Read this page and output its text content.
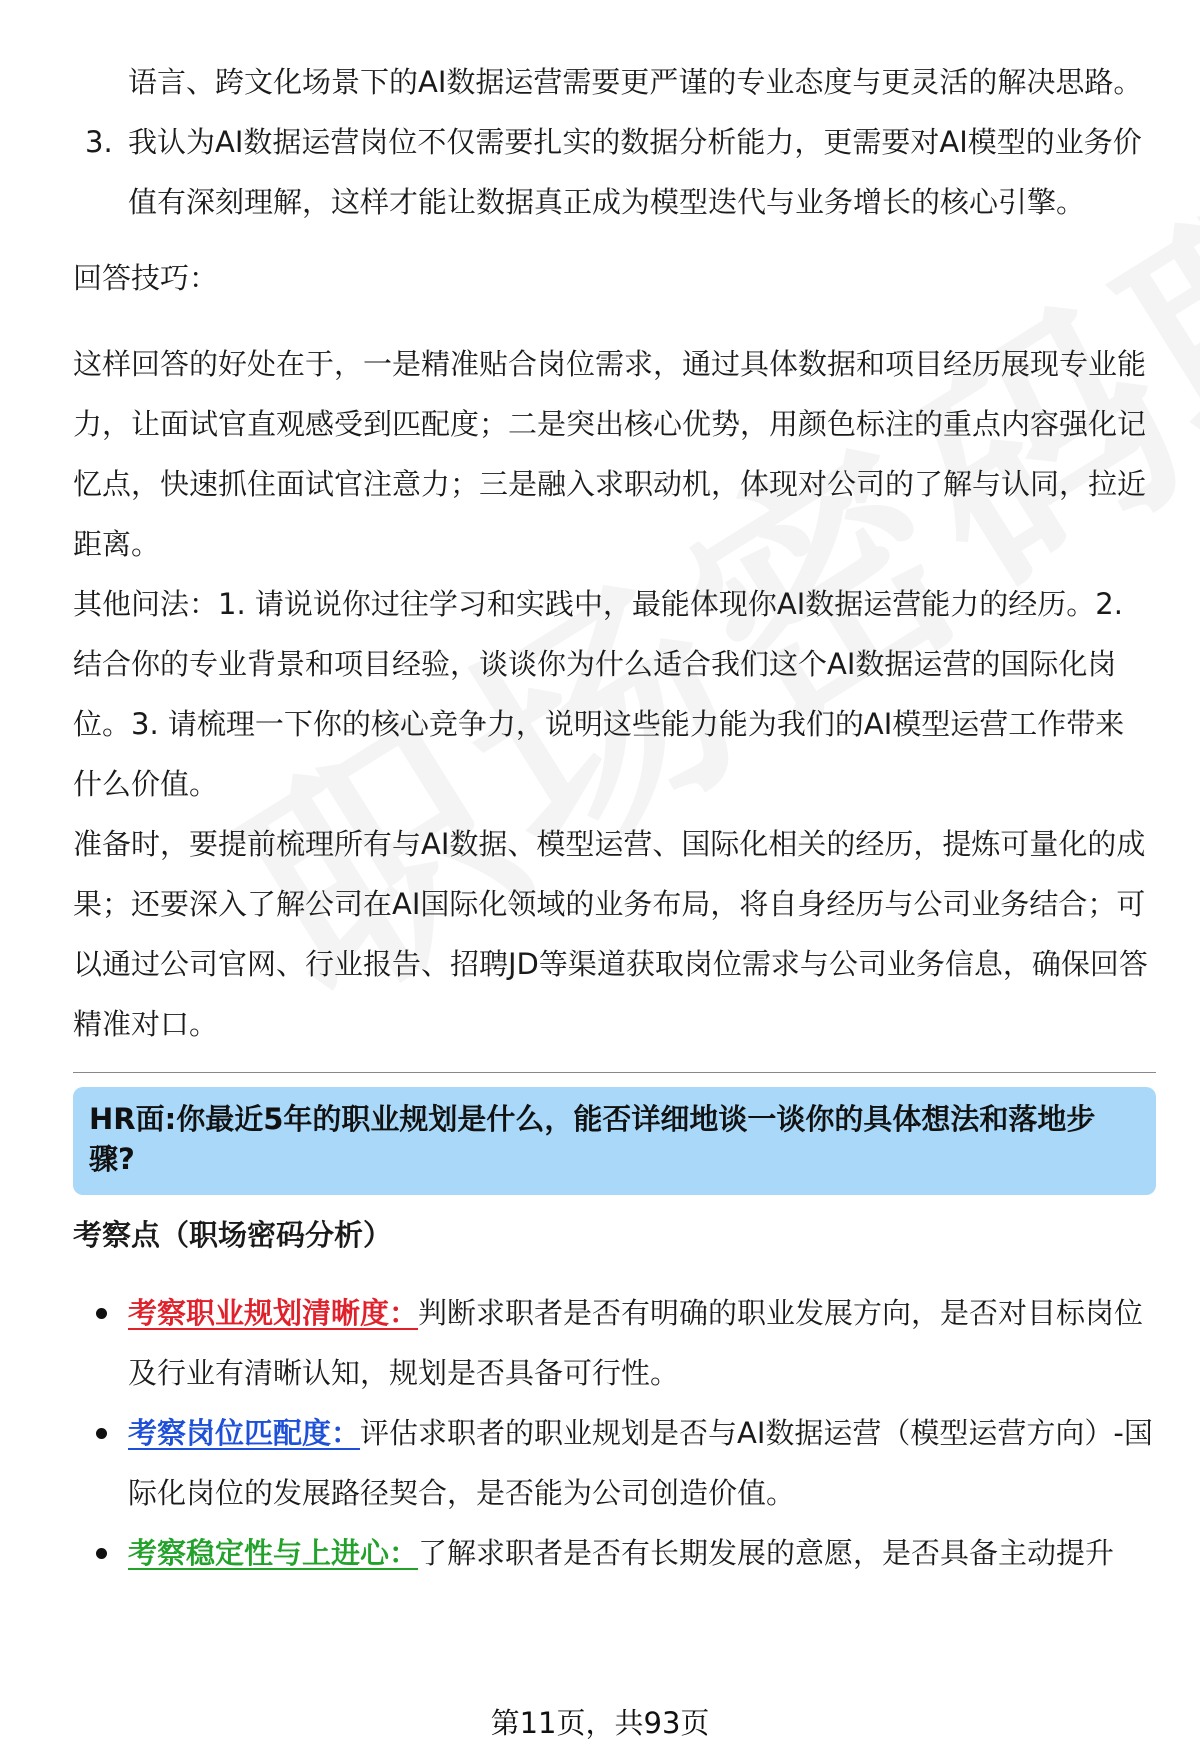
语言、跨文化场景下的AI数据运营需要更严谨的专业态度与更灵活的解决思路。

3. 我认为AI数据运营岗位不仅需要扎实的数据分析能力，更需要对AI模型的业务价值有深刻理解，这样才能让数据真正成为模型迭代与业务增长的核心引擎。

回答技巧：

这样回答的好处在于，一是精准贴合岗位需求，通过具体数据和项目经历展现专业能力，让面试官直观感受到匹配度；二是突出核心优势，用颜色标注的重点内容强化记忆点，快速抓住面试官注意力；三是融入求职动机，体现对公司的了解与认同，拉近距离。

其他问法：1. 请说说你过往学习和实践中，最能体现你AI数据运营能力的经历。2. 结合你的专业背景和项目经验，谈谈你为什么适合我们这个AI数据运营的国际化岗位。3. 请梳理一下你的核心竞争力，说明这些能力能为我们的AI模型运营工作带来什么价值。

准备时，要提前梳理所有与AI数据、模型运营、国际化相关的经历，提炼可量化的成果；还要深入了解公司在AI国际化领域的业务布局，将自身经历与公司业务结合；可以通过公司官网、行业报告、招聘JD等渠道获取岗位需求与公司业务信息，确保回答精准对口。

HR面:你最近5年的职业规划是什么，能否详细地谈一谈你的具体想法和落地步骤?
考察点（职场密码分析）
考察职业规划清晰度：判断求职者是否有明确的职业发展方向，是否对目标岗位及行业有清晰认知，规划是否具备可行性。
考察岗位匹配度：评估求职者的职业规划是否与AI数据运营（模型运营方向）-国际化岗位的发展路径契合，是否能为公司创造价值。
考察稳定性与上进心：了解求职者是否有长期发展的意愿，是否具备主动提升
第11页，共93页
